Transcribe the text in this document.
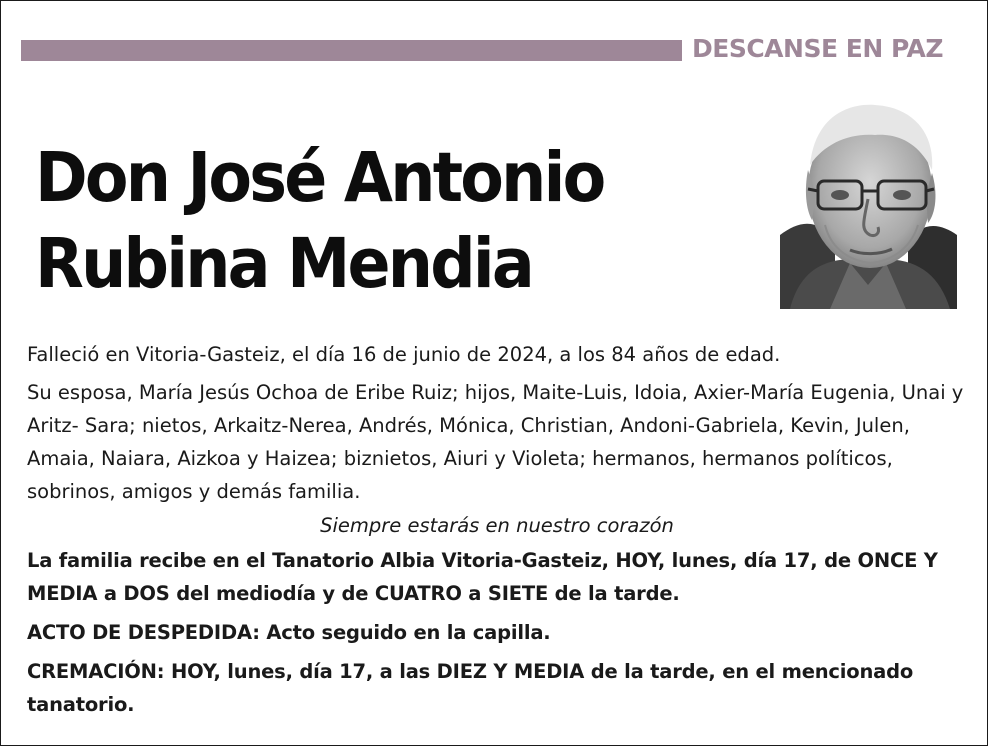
DESCANSE EN PAZ
Don José Antonio
Rubina Mendia

Falleció en Vitoria-Gasteiz, el día 16 de junio de 2024, a los 84 años de edad.

Su esposa, María Jesús Ochoa de Eribe Ruiz; hijos, Maite-Luis, Idoia, Axier-María Eugenia, Unai y Aritz- Sara; nietos, Arkaitz-Nerea, Andrés, Mónica, Christian, Andoni-Gabriela, Kevin, Julen, Amaia, Naiara, Aizkoa y Haizea; biznietos, Aiuri y Violeta; hermanos, hermanos políticos, sobrinos, amigos y demás familia.

Siempre estarás en nuestro corazón

La familia recibe en el Tanatorio Albia Vitoria-Gasteiz, HOY, lunes, día 17, de ONCE Y MEDIA a DOS del mediodía y de CUATRO a SIETE de la tarde.

ACTO DE DESPEDIDA: Acto seguido en la capilla.

CREMACIÓN: HOY, lunes, día 17, a las DIEZ Y MEDIA de la tarde, en el mencionado tanatorio.
